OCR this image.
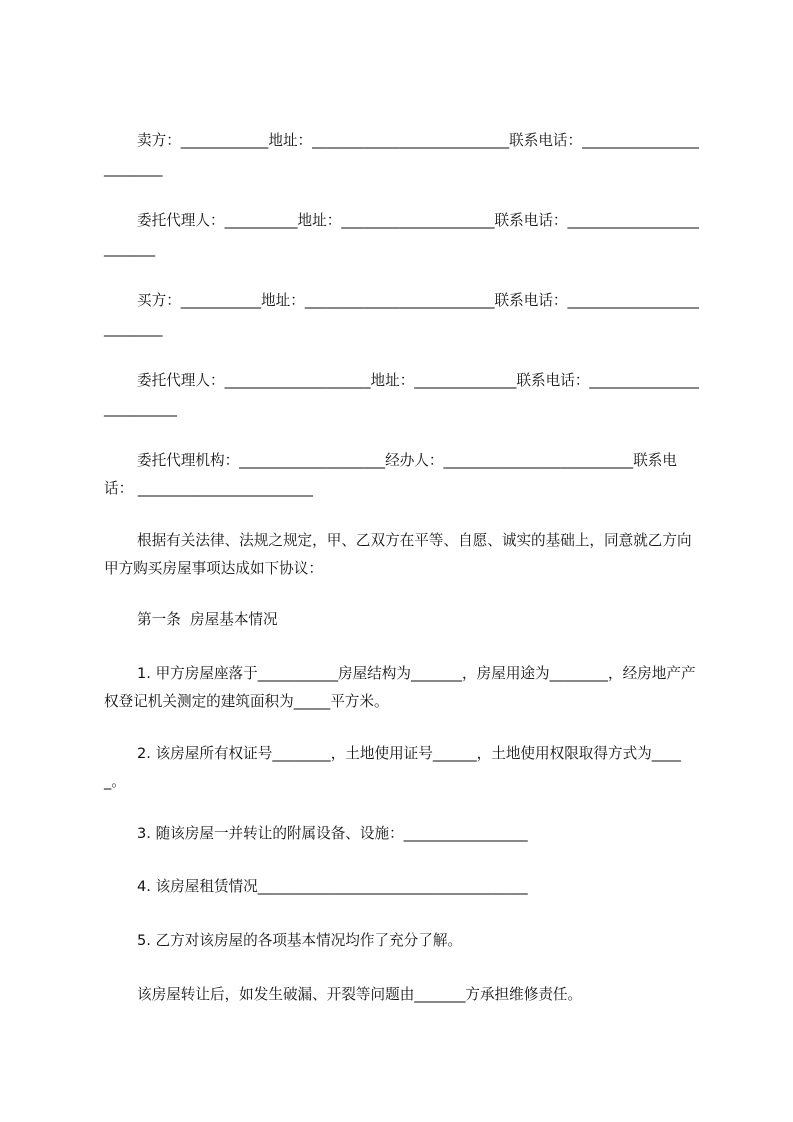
卖方：____________地址：___________________________联系电话：________________________

委托代理人：__________地址：_____________________联系电话：_________________________

买方：___________地址：__________________________联系电话：__________________________

委托代理人：____________________地址：______________联系电话：_________________________

委托代理机构：____________________经办人：__________________________联系电话： ________________________

根据有关法律、法规之规定，甲、乙双方在平等、自愿、诚实的基础上，同意就乙方向甲方购买房屋事项达成如下协议：

第一条  房屋基本情况

1. 甲方房屋座落于___________房屋结构为_______，房屋用途为________，经房地产产权登记机关测定的建筑面积为_____平方米。

2. 该房屋所有权证号________，土地使用证号______，土地使用权限取得方式为_____。

3. 随该房屋一并转让的附属设备、设施：_________________

4. 该房屋租赁情况_____________________________________

5. 乙方对该房屋的各项基本情况均作了充分了解。

该房屋转让后，如发生破漏、开裂等问题由_______方承担维修责任。
